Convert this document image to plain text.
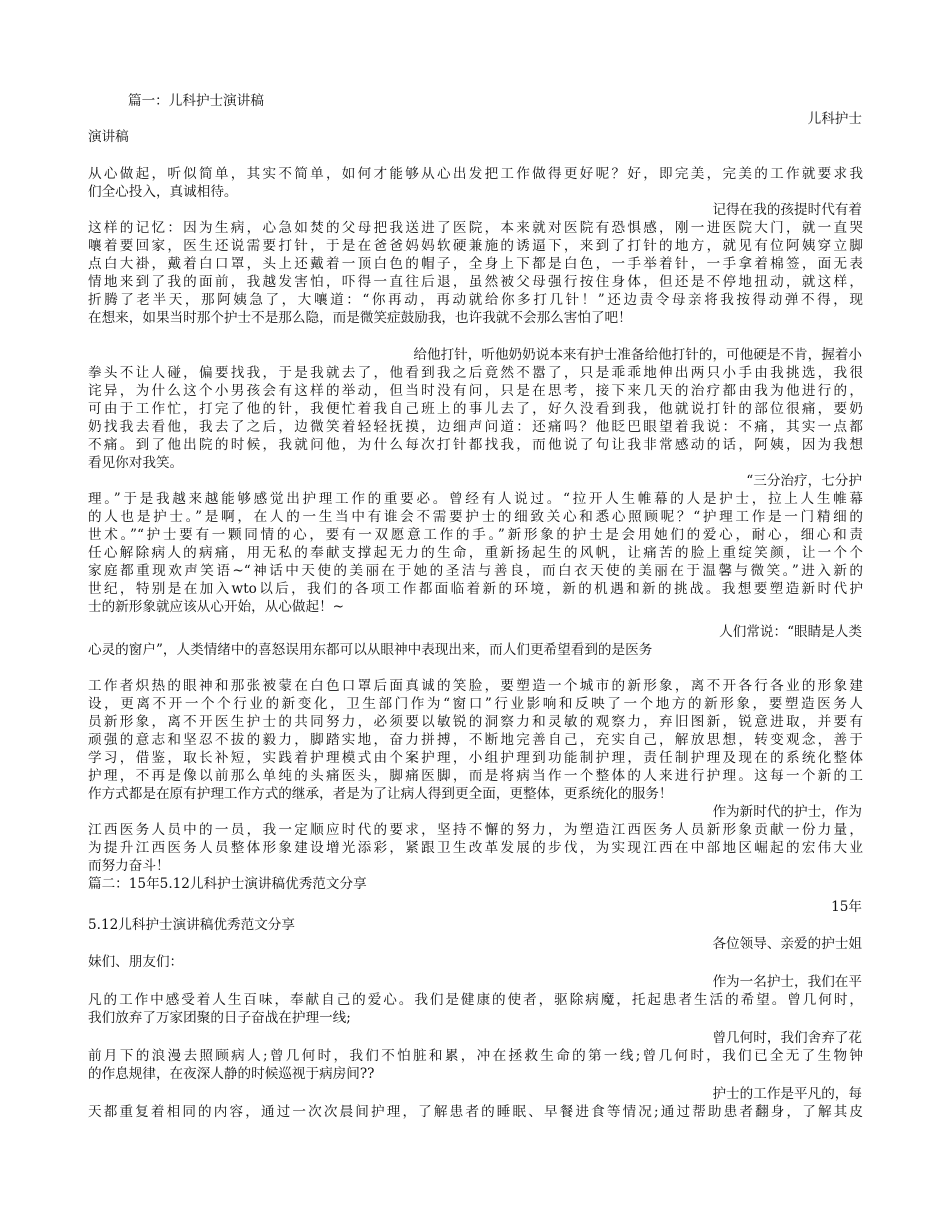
篇一：儿科护士演讲稿
儿科护士
演讲稿
从心做起，听似简单，其实不简单，如何才能够从心出发把工作做得更好呢？好，即完美，完美的工作就要求我
们全心投入，真诚相待。
记得在我的孩提时代有着
这样的记忆：因为生病，心急如焚的父母把我送进了医院，本来就对医院有恐惧感，刚一进医院大门，就一直哭
嚷着要回家，医生还说需要打针，于是在爸爸妈妈软硬兼施的诱逼下，来到了打针的地方，就见有位阿姨穿立脚
点白大褂，戴着白口罩，头上还戴着一顶白色的帽子，全身上下都是白色，一手举着针，一手拿着棉签，面无表
情地来到了我的面前，我越发害怕，吓得一直往后退，虽然被父母强行按住身体，但还是不停地扭动，就这样，
折腾了老半天，那阿姨急了，大嚷道：“你再动，再动就给你多打几针！”还边责令母亲将我按得动弹不得，现
在想来，如果当时那个护士不是那么隐，而是微笑症鼓励我，也许我就不会那么害怕了吧！
给他打针，听他奶奶说本来有护士准备给他打针的，可他硬是不肯，握着小
拳头不让人碰，偏要找我，于是我就去了，他看到我之后竟然不嚣了，只是乖乖地伸出两只小手由我挑选，我很
诧异，为什么这个小男孩会有这样的举动，但当时没有问，只是在思考，接下来几天的治疗都由我为他进行的，
可由于工作忙，打完了他的针，我便忙着我自己班上的事儿去了，好久没看到我，他就说打针的部位很痛，要奶
奶找我去看他，我去了之后，边微笑着轻轻抚摸，边细声问道：还痛吗？他眨巴眼望着我说：不痛，其实一点都
不痛。到了他出院的时候，我就问他，为什么每次打针都找我，而他说了句让我非常感动的话，阿姨，因为我想
看见你对我笑。
“三分治疗，七分护
理。”于是我越来越能够感觉出护理工作的重要必。曾经有人说过。“拉开人生帷幕的人是护士，拉上人生帷幕
的人也是护士。”是啊，在人的一生当中有谁会不需要护士的细致关心和悉心照顾呢？“护理工作是一门精细的
世术。”“护士要有一颗同情的心，要有一双愿意工作的手。”新形象的护士是会用她们的爱心，耐心，细心和责
任心解除病人的病痛，用无私的奉献支撑起无力的生命，重新扬起生的风帆，让痛苦的脸上重绽笑颜，让一个个
家庭都重现欢声笑语~“神话中天使的美丽在于她的圣洁与善良，而白衣天使的美丽在于温馨与微笑。”进入新的
世纪，特别是在加入wto以后，我们的各项工作都面临着新的环境，新的机遇和新的挑战。我想要塑造新时代护
士的新形象就应该从心开始，从心做起！~
人们常说：“眼睛是人类
心灵的窗户”，人类情绪中的喜怒误用东都可以从眼神中表现出来，而人们更希望看到的是医务
工作者炽热的眼神和那张被蒙在白色口罩后面真诚的笑脸，要塑造一个城市的新形象，离不开各行各业的形象建
设，更离不开一个个行业的新变化，卫生部门作为“窗口”行业影响和反映了一个地方的新形象，要塑造医务人
员新形象，离不开医生护士的共同努力，必须要以敏锐的洞察力和灵敏的观察力，弃旧图新，锐意进取，并要有
顽强的意志和坚忍不拔的毅力，脚踏实地，奋力拼搏，不断地完善自己，充实自己，解放思想，转变观念，善于
学习，借鉴，取长补短，实践着护理模式由个案护理，小组护理到功能制护理，责任制护理及现在的系统化整体
护理，不再是像以前那么单纯的头痛医头，脚痛医脚，而是将病当作一个整体的人来进行护理。这每一个新的工
作方式都是在原有护理工作方式的继承，者是为了让病人得到更全面，更整体，更系统化的服务！
作为新时代的护士，作为
江西医务人员中的一员，我一定顺应时代的要求，坚持不懈的努力，为塑造江西医务人员新形象贡献一份力量，
为提升江西医务人员整体形象建设增光添彩，紧跟卫生改革发展的步伐，为实现江西在中部地区崛起的宏伟大业
而努力奋斗！
篇二：15年5.12儿科护士演讲稿优秀范文分享
15年
5.12儿科护士演讲稿优秀范文分享
各位领导、亲爱的护士姐
妹们、朋友们：
作为一名护士，我们在平
凡的工作中感受着人生百味，奉献自己的爱心。我们是健康的使者，驱除病魔，托起患者生活的希望。曾几何时，
我们放弃了万家团聚的日子奋战在护理一线;
曾几何时，我们舍弃了花
前月下的浪漫去照顾病人;曾几何时，我们不怕脏和累，冲在拯救生命的第一线;曾几何时，我们已全无了生物钟
的作息规律，在夜深人静的时候巡视于病房间??
护士的工作是平凡的，每
天都重复着相同的内容，通过一次次晨间护理，了解患者的睡眠、早餐进食等情况;通过帮助患者翻身，了解其皮
